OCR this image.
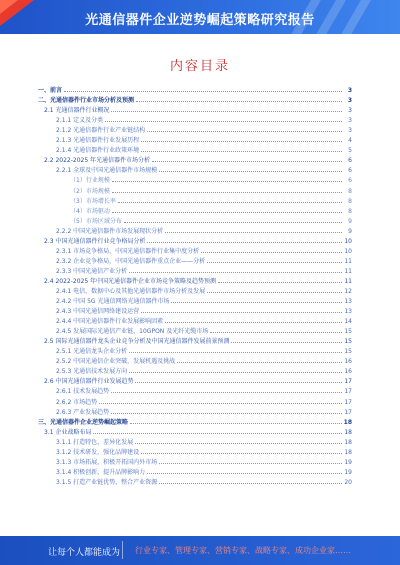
光通信器件企业逆势崛起策略研究报告
内容目录
一、前言	3
二、光通信器件行业市场分析及预测	3
2.1 光通信器件行业概况	3
2.1.1 定义及分类	3
2.1.2 光通信器件行业产业链结构	3
2.1.3 光通信器件行业发展历程	4
2.1.4 光通信器件行业政策环境	5
2.2 2022-2025 年光通信器件市场分析	6
2.2.1 全球及中国光通信器件市场规模	6
（1）行业规模	6
（2）市场规模	8
（3）市场增长率	8
（4）市场驱动	8
（5）市场区域分布	9
2.2.2 中国光通信器件市场发展现状分析	9
2.3 中国光通信器件行业竞争格局分析	10
2.3.1 市场竞争格局，中国光通信器件行业集中度分析	10
2.3.2 企业竞争格局，中国光通信器件重点企业——分析	11
2.3.3 中国光通信产业分析	11
2.4 2022-2025 年中国光通信器件企业市场竞争策略及趋势预测	11
2.4.1 电信、数据中心及其他光通信器件市场分析及发展	12
2.4.2 中国 5G 光通信网络光通信器件市场	13
2.4.3 中国光通信网络建设运营	13
2.4.4 中国光通信器件行业发展影响因素	14
2.4.5 发展国际光通信产业链，10GPON 及光纤光缆市场	15
2.5 国际光通信器件龙头企业竞争分析及中国光通信器件发展前景预测	15
2.5.1 光通信龙头企业分析	15
2.5.2 中国光通信企业突破，发展机遇及挑战	16
2.5.3 光通信技术发展方向	16
2.6 中国光通信器件行业发展趋势	17
2.6.1 技术发展趋势	17
2.6.2 市场趋势	17
2.6.3 产业发展趋势	17
三、光通信器件企业逆势崛起策略	18
3.1 企业战略布局	18
3.1.1 打造特色，差异化发展	18
3.1.2 技术研发，强化品牌建设	18
3.1.3 市场拓展，积极开拓国内外市场	19
3.1.4 积极创新，提升品牌影响力	19
3.1.5 打造产业链优势，整合产业资源	20
让每个人都能成为 行业专家、管理专家、营销专家、战略专家、成功企业家……
